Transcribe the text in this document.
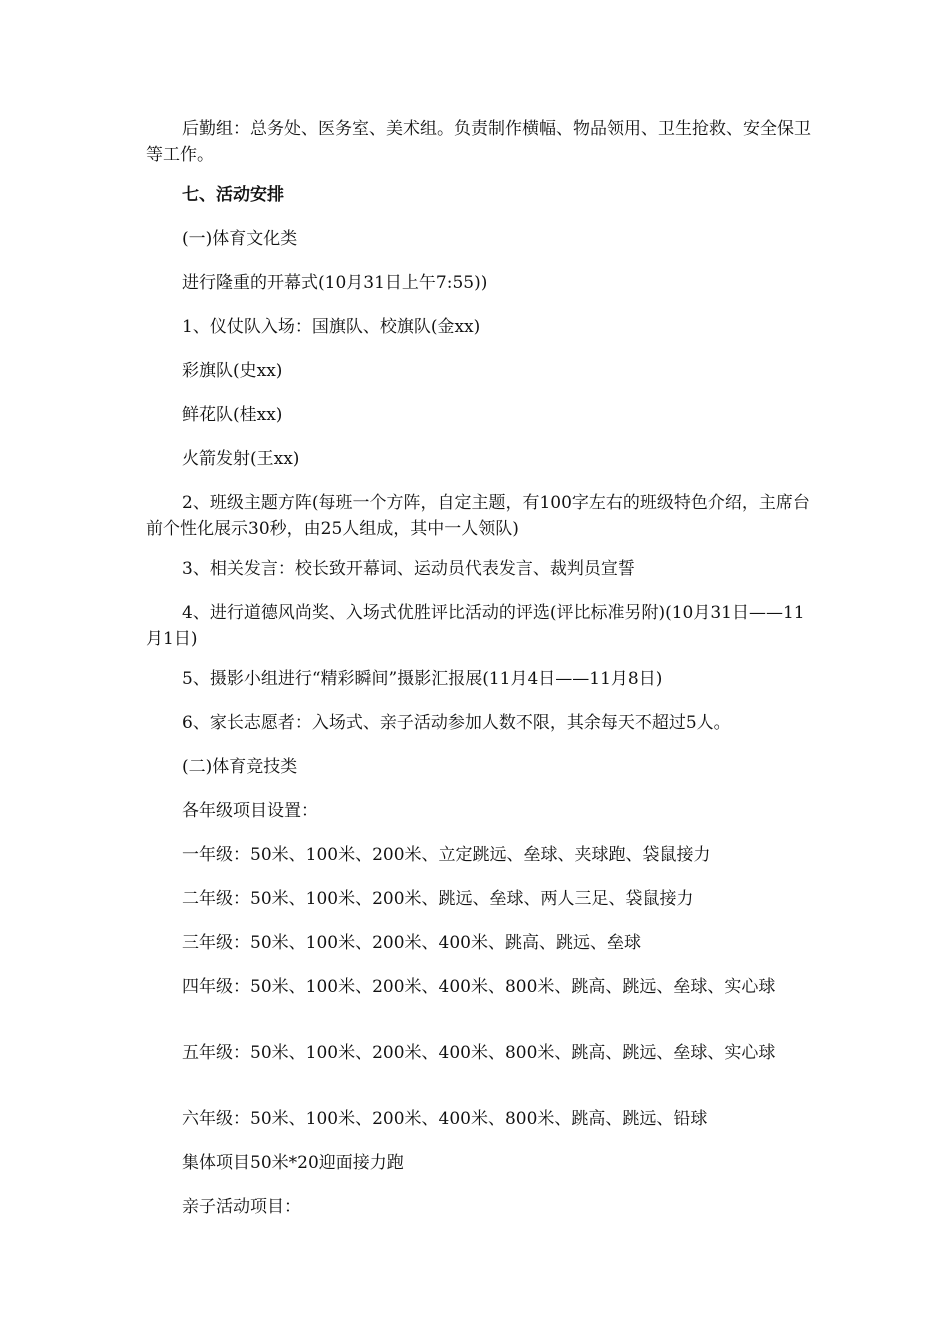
后勤组：总务处、医务室、美术组。负责制作横幅、物品领用、卫生抢救、安全保卫等工作。

七、活动安排

(一)体育文化类

进行隆重的开幕式(10月31日上午7:55))

1、仪仗队入场：国旗队、校旗队(金xx)

彩旗队(史xx)

鲜花队(桂xx)

火箭发射(王xx)

2、班级主题方阵(每班一个方阵，自定主题，有100字左右的班级特色介绍，主席台前个性化展示30秒，由25人组成，其中一人领队)

3、相关发言：校长致开幕词、运动员代表发言、裁判员宣誓

4、进行道德风尚奖、入场式优胜评比活动的评选(评比标准另附)(10月31日——11月1日)

5、摄影小组进行“精彩瞬间”摄影汇报展(11月4日——11月8日)

6、家长志愿者：入场式、亲子活动参加人数不限，其余每天不超过5人。

(二)体育竞技类

各年级项目设置：

一年级：50米、100米、200米、立定跳远、垒球、夹球跑、袋鼠接力

二年级：50米、100米、200米、跳远、垒球、两人三足、袋鼠接力

三年级：50米、100米、200米、400米、跳高、跳远、垒球

四年级：50米、100米、200米、400米、800米、跳高、跳远、垒球、实心球

五年级：50米、100米、200米、400米、800米、跳高、跳远、垒球、实心球

六年级：50米、100米、200米、400米、800米、跳高、跳远、铅球

集体项目50米*20迎面接力跑

亲子活动项目：
